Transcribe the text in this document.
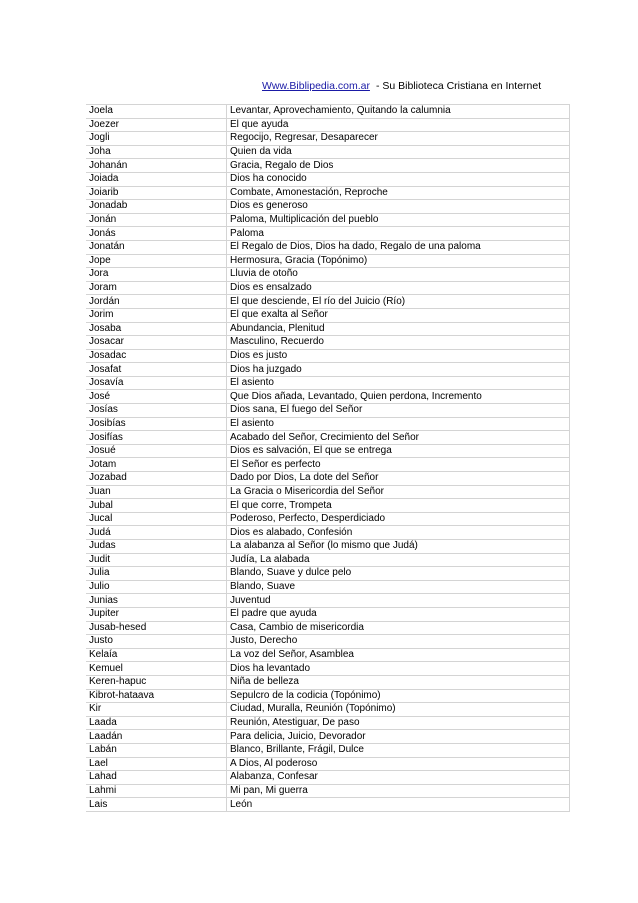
Www.Biblipedia.com.ar - Su Biblioteca Cristiana en Internet
Joela	Levantar, Aprovechamiento, Quitando la calumnia
Joezer	El que ayuda
Jogli	Regocijo, Regresar, Desaparecer
Joha	Quien da vida
Johanán	Gracia, Regalo de Dios
Joiada	Dios ha conocido
Joiarib	Combate, Amonestación, Reproche
Jonadab	Dios es generoso
Jonán	Paloma, Multiplicación del pueblo
Jonás	Paloma
Jonatán	El Regalo de Dios, Dios ha dado, Regalo de una paloma
Jope	Hermosura, Gracia (Topónimo)
Jora	Lluvia de otoño
Joram	Dios es ensalzado
Jordán	El que desciende, El río del Juicio (Río)
Jorim	El que exalta al Señor
Josaba	Abundancia, Plenitud
Josacar	Masculino, Recuerdo
Josadac	Dios es justo
Josafat	Dios ha juzgado
Josavía	El asiento
José	Que Dios añada, Levantado, Quien perdona, Incremento
Josías	Dios sana, El fuego del Señor
Josibías	El asiento
Josifías	Acabado del Señor, Crecimiento del Señor
Josué	Dios es salvación, El que se entrega
Jotam	El Señor es perfecto
Jozabad	Dado por Dios, La dote del Señor
Juan	La Gracia o Misericordia del Señor
Jubal	El que corre, Trompeta
Jucal	Poderoso, Perfecto, Desperdiciado
Judá	Dios es alabado, Confesión
Judas	La alabanza al Señor (lo mismo que Judá)
Judit	Judía, La alabada
Julia	Blando, Suave y dulce pelo
Julio	Blando, Suave
Junias	Juventud
Jupiter	El padre que ayuda
Jusab-hesed	Casa, Cambio de misericordia
Justo	Justo, Derecho
Kelaía	La voz del Señor, Asamblea
Kemuel	Dios ha levantado
Keren-hapuc	Niña de belleza
Kibrot-hataava	Sepulcro de la codicia (Topónimo)
Kir	Ciudad, Muralla, Reunión (Topónimo)
Laada	Reunión, Atestiguar, De paso
Laadán	Para delicia, Juicio, Devorador
Labán	Blanco, Brillante, Frágil, Dulce
Lael	A Dios, Al poderoso
Lahad	Alabanza, Confesar
Lahmi	Mi pan, Mi guerra
Lais	León
